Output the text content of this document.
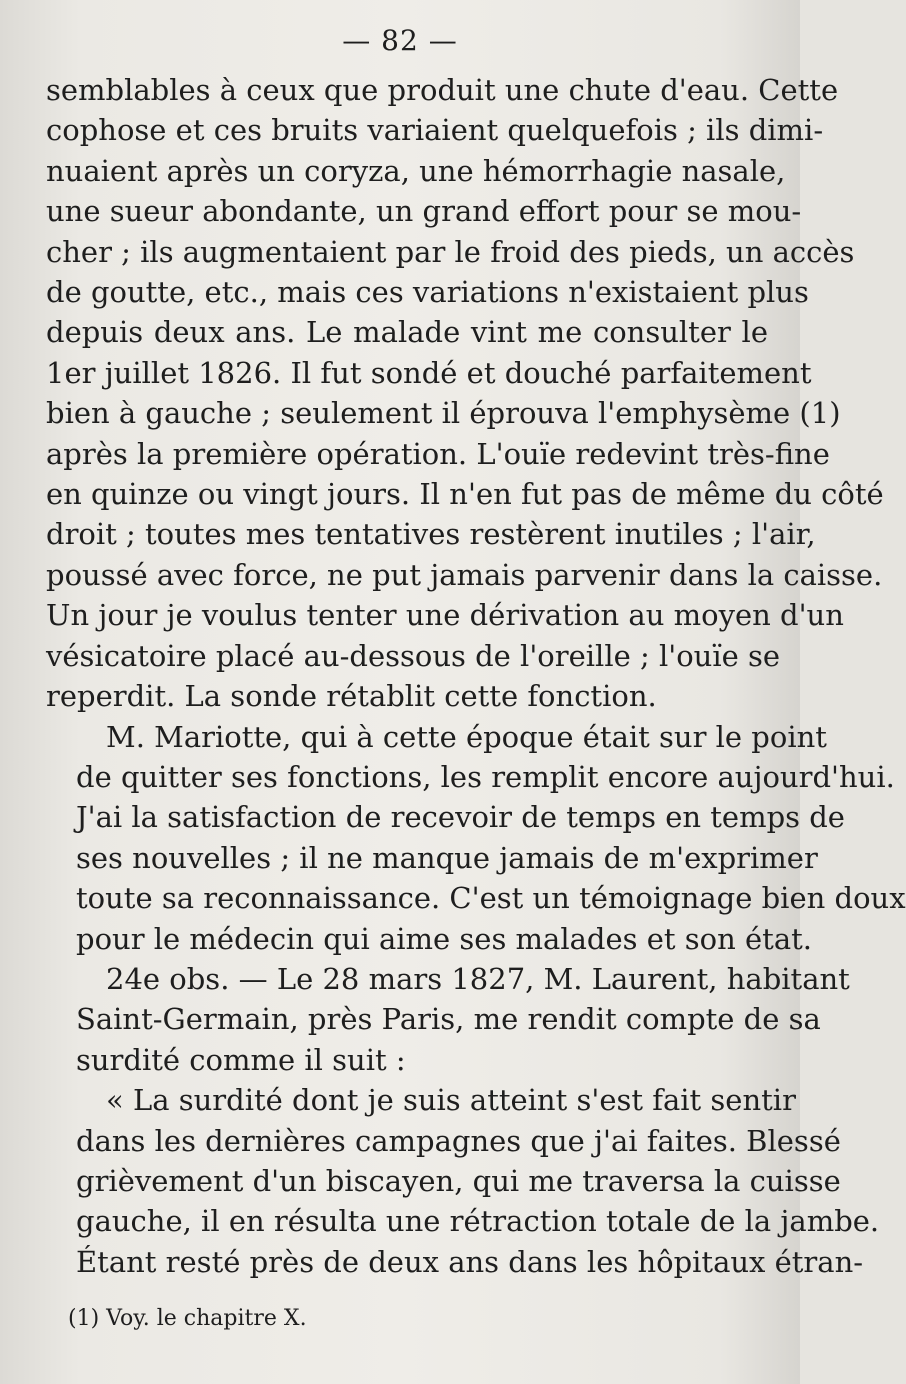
— 82 —

semblables à ceux que produit une chute d'eau. Cette
cophose et ces bruits variaient quelquefois ; ils dimi-
nuaient après un coryza, une hémorrhagie nasale,
une sueur abondante, un grand effort pour se mou-
cher ; ils augmentaient par le froid des pieds, un accès
de goutte, etc., mais ces variations n'existaient plus
depuis deux ans. Le malade vint me consulter le
1er juillet 1826. Il fut sondé et douché parfaitement
bien à gauche ; seulement il éprouva l'emphysème (1)
après la première opération. L'ouïe redevint très-fine
en quinze ou vingt jours. Il n'en fut pas de même du côté
droit ; toutes mes tentatives restèrent inutiles ; l'air,
poussé avec force, ne put jamais parvenir dans la caisse.
Un jour je voulus tenter une dérivation au moyen d'un
vésicatoire placé au-dessous de l'oreille ; l'ouïe se
reperdit. La sonde rétablit cette fonction.

M. Mariotte, qui à cette époque était sur le point
de quitter ses fonctions, les remplit encore aujourd'hui.
J'ai la satisfaction de recevoir de temps en temps de
ses nouvelles ; il ne manque jamais de m'exprimer
toute sa reconnaissance. C'est un témoignage bien doux
pour le médecin qui aime ses malades et son état.

24e obs. — Le 28 mars 1827, M. Laurent, habitant
Saint-Germain, près Paris, me rendit compte de sa
surdité comme il suit :

« La surdité dont je suis atteint s'est fait sentir
dans les dernières campagnes que j'ai faites. Blessé
grièvement d'un biscayen, qui me traversa la cuisse
gauche, il en résulta une rétraction totale de la jambe.
Étant resté près de deux ans dans les hôpitaux étran-

(1) Voy. le chapitre X.
